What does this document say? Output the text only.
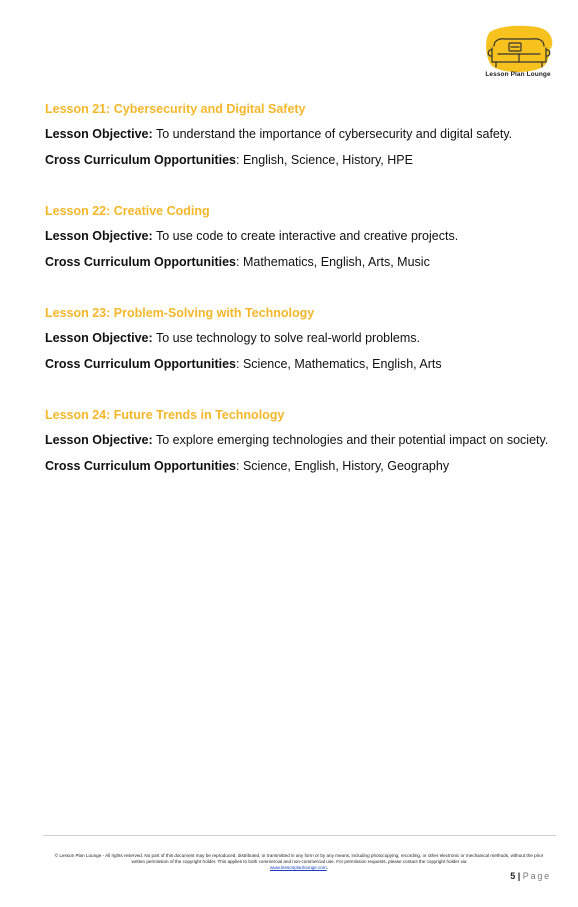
Lesson Plan Lounge
Lesson 21: Cybersecurity and Digital Safety

Lesson Objective: To understand the importance of cybersecurity and digital safety.

Cross Curriculum Opportunities: English, Science, History, HPE

Lesson 22: Creative Coding

Lesson Objective: To use code to create interactive and creative projects.

Cross Curriculum Opportunities: Mathematics, English, Arts, Music

Lesson 23: Problem-Solving with Technology

Lesson Objective: To use technology to solve real-world problems.

Cross Curriculum Opportunities: Science, Mathematics, English, Arts

Lesson 24: Future Trends in Technology

Lesson Objective: To explore emerging technologies and their potential impact on society.

Cross Curriculum Opportunities: Science, English, History, Geography

© Lesson Plan Lounge - All rights reserved. No part of this document may be reproduced, distributed, or transmitted in any form or by any means, including photocopying, recording, or other electronic or mechanical methods, without the prior written permission of the copyright holder. This applies to both commercial and non-commercial use. For permission requests, please contact the copyright holder via
www.lessonplanlounge.com.
5 | Page
